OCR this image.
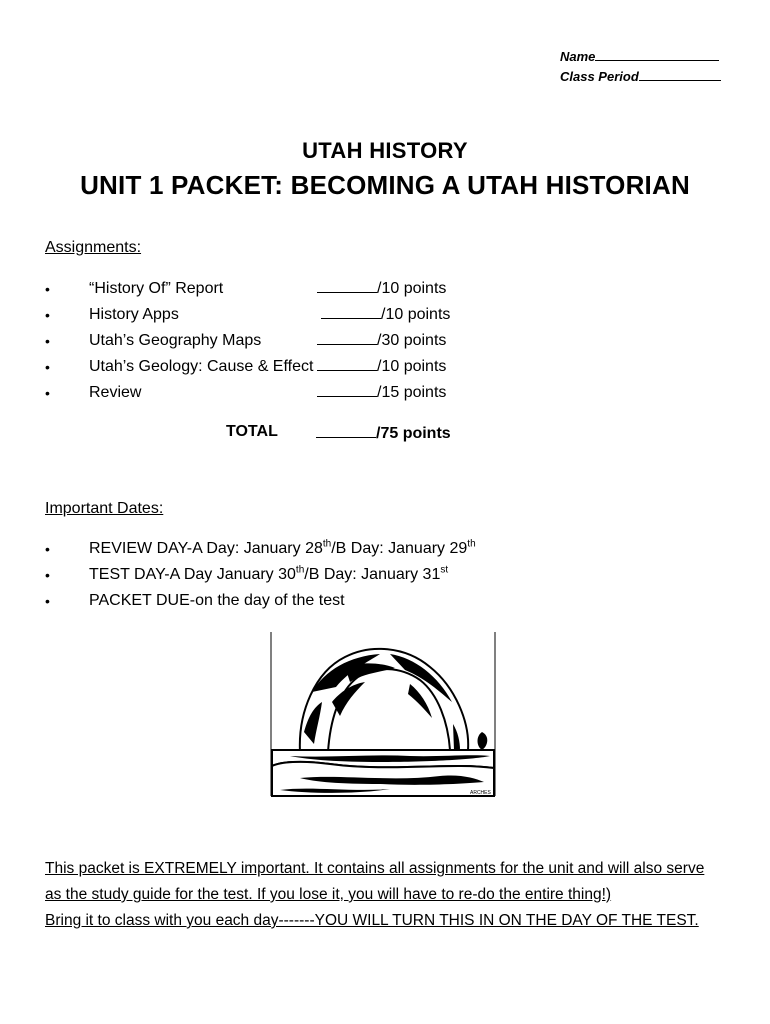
Name
Class Period
UTAH HISTORY
UNIT 1 PACKET: BECOMING A UTAH HISTORIAN
Assignments:
• “History Of” Report	/10 points
• History Apps	/10 points
• Utah’s Geography Maps	/30 points
• Utah’s Geology: Cause & Effect	/10 points
• Review	/15 points
TOTAL	/75 points
Important Dates:
• REVIEW DAY-A Day: January 28th/B Day: January 29th
• TEST DAY-A Day January 30th/B Day: January 31st
• PACKET DUE-on the day of the test
ARCHES
This packet is EXTREMELY important. It contains all assignments for the unit and will also serve
as the study guide for the test. If you lose it, you will have to re-do the entire thing!)
Bring it to class with you each day-------YOU WILL TURN THIS IN ON THE DAY OF THE TEST.
